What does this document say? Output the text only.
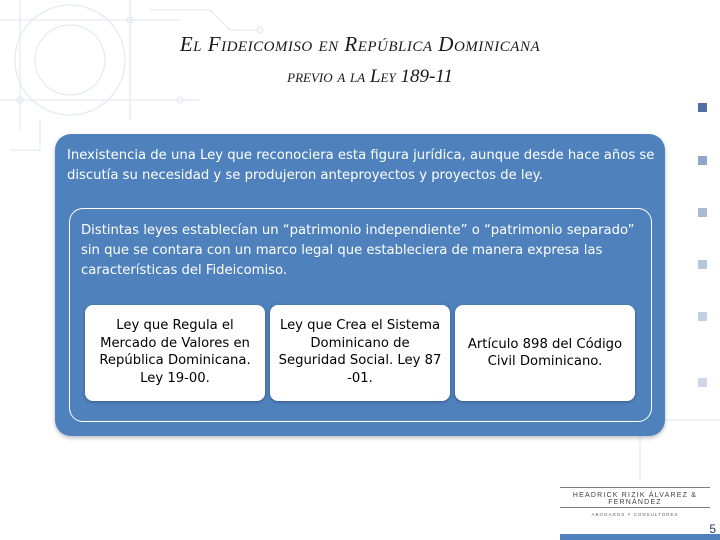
El Fideicomiso en República Dominicana
previo a la Ley 189-11
Inexistencia de una Ley que reconociera esta figura jurídica, aunque desde hace años se discutía su necesidad y se produjeron anteproyectos y proyectos de ley.
Distintas leyes establecían un “patrimonio independiente” o “patrimonio separado” sin que se contara con un marco legal que estableciera de manera expresa las características del Fideicomiso.
Ley que Regula el Mercado de Valores en República Dominicana. Ley 19-00.
Ley que Crea el Sistema Dominicano de Seguridad Social. Ley 87 -01.
Artículo 898 del Código Civil Dominicano.
HEADRICK RIZIK ÁLVAREZ & FERNÁNDEZ
ABOGADOS Y CONSULTORES
5
